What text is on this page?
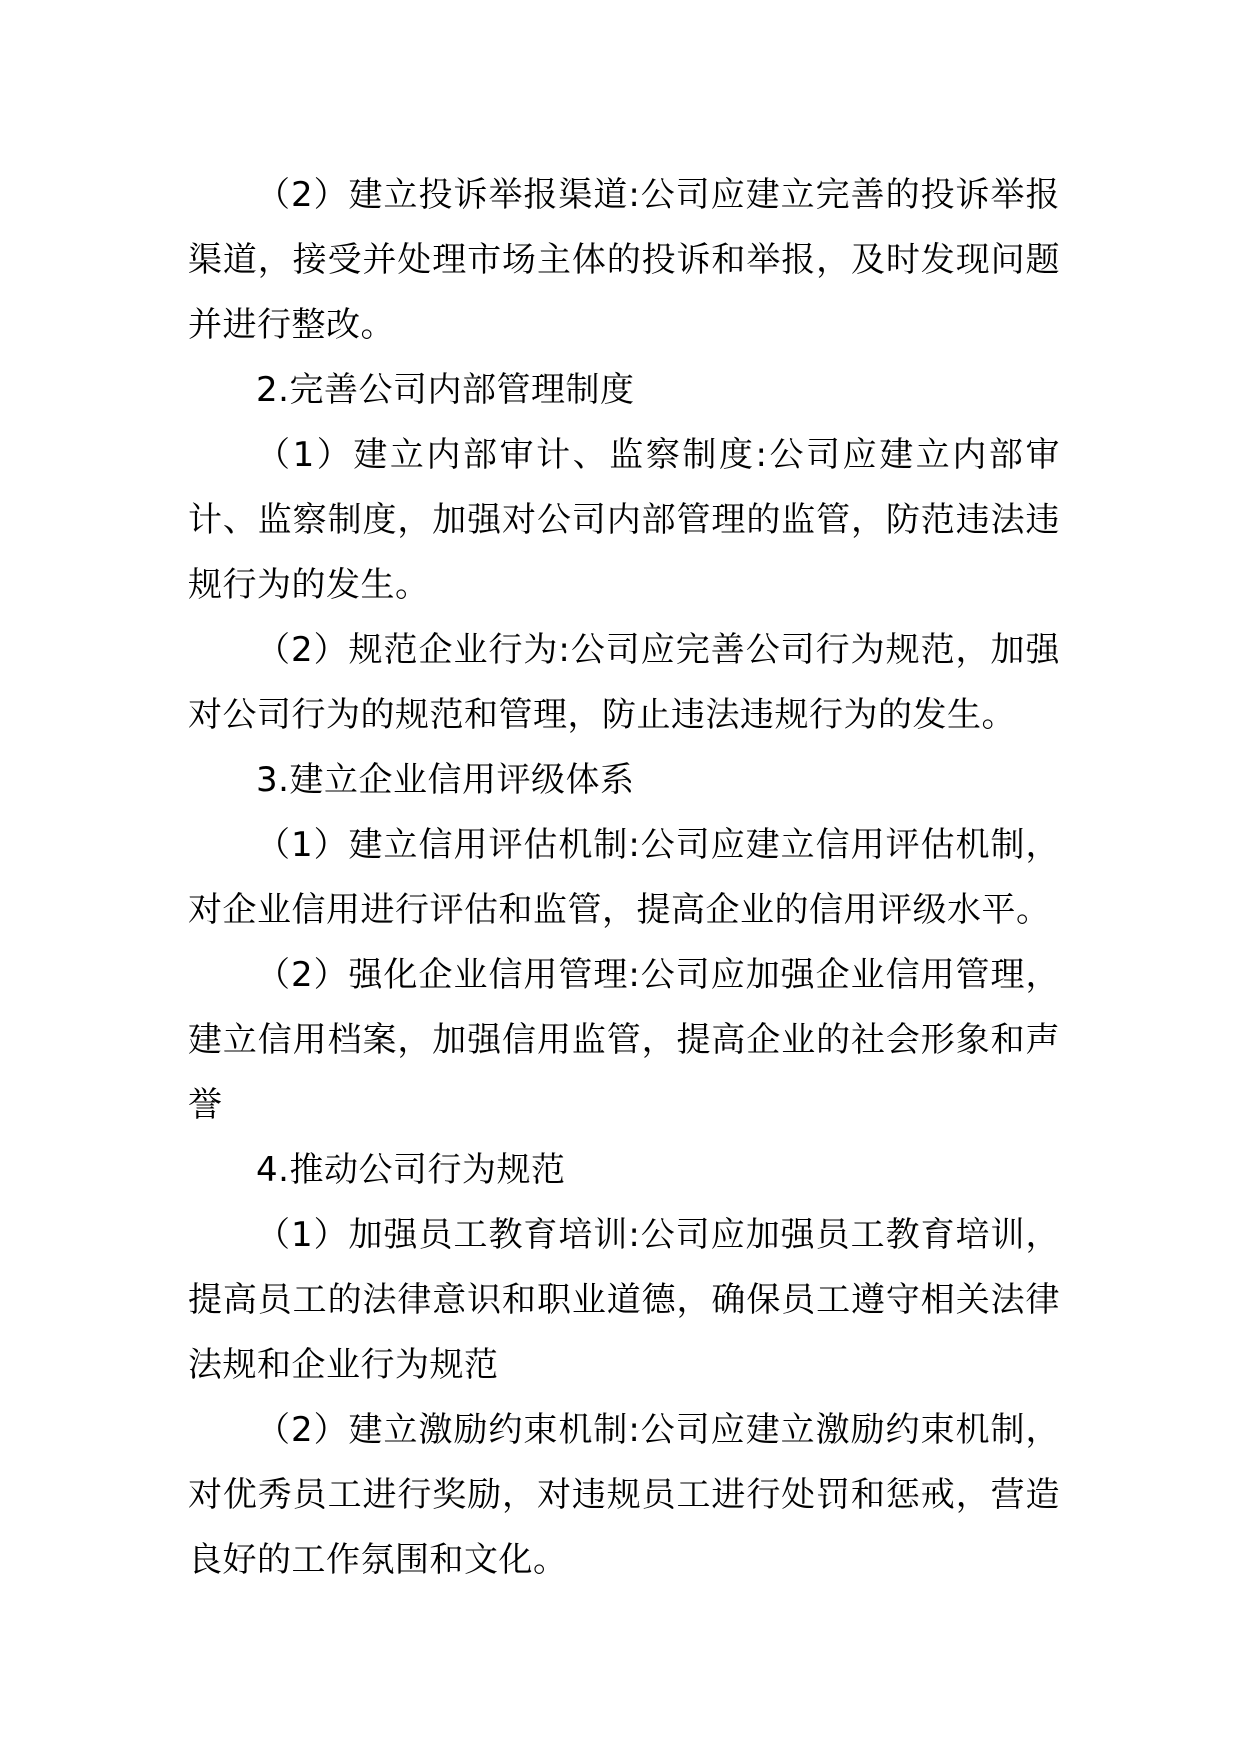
（2）建立投诉举报渠道:公司应建立完善的投诉举报渠道，接受并处理市场主体的投诉和举报，及时发现问题并进行整改。

2.完善公司内部管理制度

（1）建立内部审计、监察制度:公司应建立内部审计、监察制度，加强对公司内部管理的监管，防范违法违规行为的发生。

（2）规范企业行为:公司应完善公司行为规范，加强对公司行为的规范和管理，防止违法违规行为的发生。

3.建立企业信用评级体系

（1）建立信用评估机制:公司应建立信用评估机制，对企业信用进行评估和监管，提高企业的信用评级水平。

（2）强化企业信用管理:公司应加强企业信用管理，建立信用档案，加强信用监管，提高企业的社会形象和声誉

4.推动公司行为规范

（1）加强员工教育培训:公司应加强员工教育培训，提高员工的法律意识和职业道德，确保员工遵守相关法律法规和企业行为规范

（2）建立激励约束机制:公司应建立激励约束机制，对优秀员工进行奖励，对违规员工进行处罚和惩戒，营造良好的工作氛围和文化。
